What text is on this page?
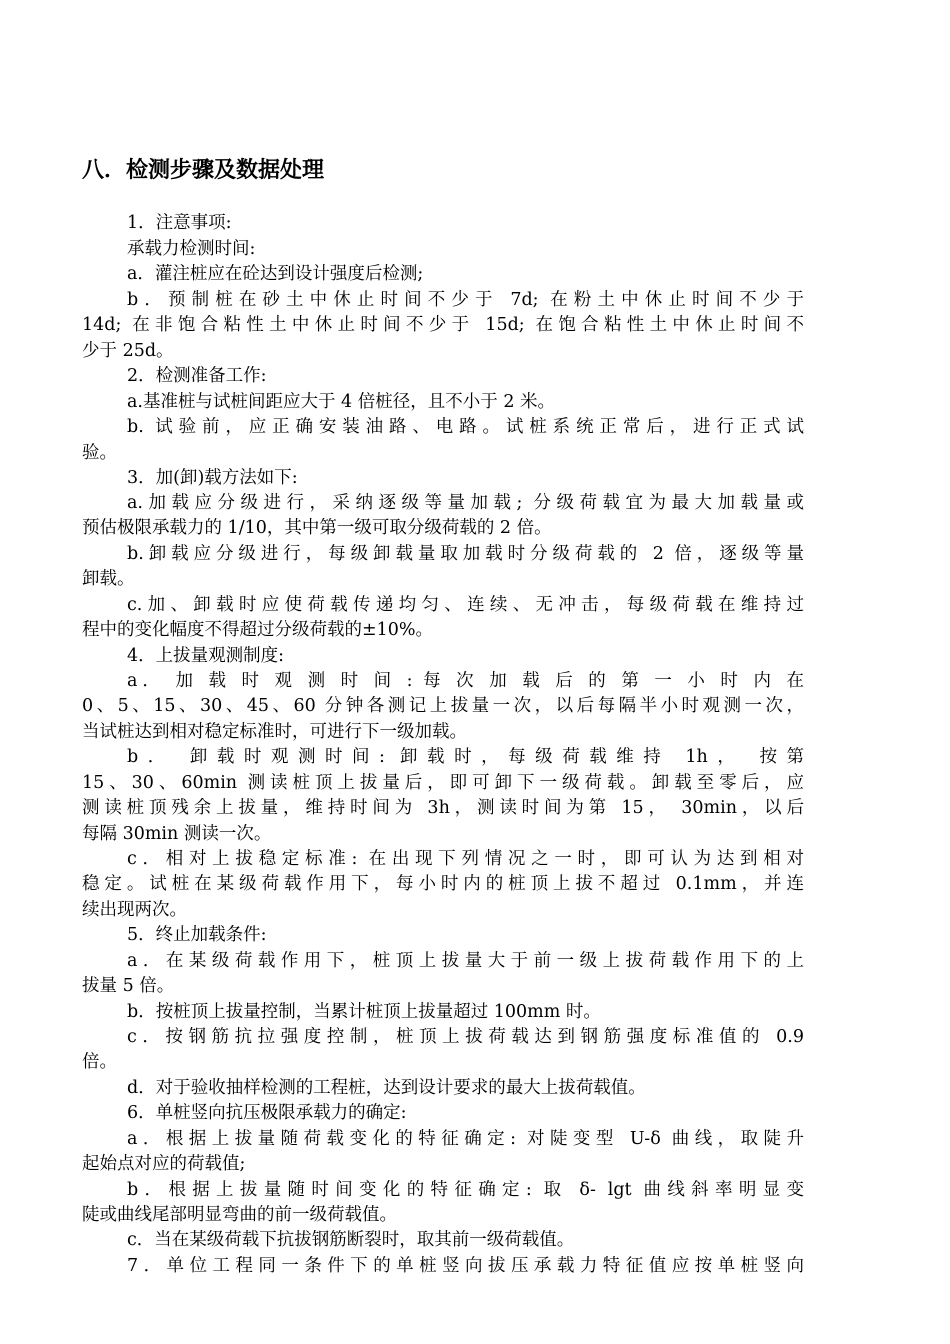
八．检测步骤及数据处理
1．注意事项:
承载力检测时间:
a．灌注桩应在砼达到设计强度后检测;
b．预制桩在砂土中休止时间不少于 7d; 在粉土中休止时间不少于
14d; 在非饱合粘性土中休止时间不少于 15d; 在饱合粘性土中休止时间不
少于 25d。
2．检测准备工作:
a.基准桩与试桩间距应大于 4 倍桩径，且不小于 2 米。
b. 试验前，应正确安装油路、电路。试桩系统正常后，进行正式试
验。
3．加(卸)载方法如下:
a.加载应分级进行，采纳逐级等量加载; 分级荷载宜为最大加载量或
预估极限承载力的 1/10，其中第一级可取分级荷载的 2 倍。
b.卸载应分级进行，每级卸载量取加载时分级荷载的 2 倍，逐级等量
卸载。
c.加、卸载时应使荷载传递均匀、连续、无冲击，每级荷载在维持过
程中的变化幅度不得超过分级荷载的±10%。
4．上拔量观测制度:
a． 加 载 时 观 测 时 间 : 每 次 加 载 后 的 第 一 小 时 内 在
0、5、15、30、45、60 分钟各测记上拔量一次，以后每隔半小时观测一次，
当试桩达到相对稳定标准时，可进行下一级加载。
b． 卸载时观测时间: 卸载时，每级荷载维持 1h， 按第
15、30、60min 测读桩顶上拔量后，即可卸下一级荷载。卸载至零后，应
测读桩顶残余上拔量，维持时间为 3h，测读时间为第 15， 30min，以后
每隔 30min 测读一次。
c．相对上拔稳定标准: 在出现下列情况之一时，即可认为达到相对
稳定。试桩在某级荷载作用下，每小时内的桩顶上拔不超过 0.1mm，并连
续出现两次。
5．终止加载条件:
a．在某级荷载作用下，桩顶上拔量大于前一级上拔荷载作用下的上
拔量 5 倍。
b．按桩顶上拔量控制，当累计桩顶上拔量超过 100mm 时。
c．按钢筋抗拉强度控制，桩顶上拔荷载达到钢筋强度标准值的 0.9
倍。
d．对于验收抽样检测的工程桩，达到设计要求的最大上拔荷载值。
6．单桩竖向抗压极限承载力的确定:
a．根据上拔量随荷载变化的特征确定: 对陡变型 U-δ 曲线，取陡升
起始点对应的荷载值;
b．根据上拔量随时间变化的特征确定: 取 δ- lgt 曲线斜率明显变
陡或曲线尾部明显弯曲的前一级荷载值。
c．当在某级荷载下抗拔钢筋断裂时，取其前一级荷载值。
7．单位工程同一条件下的单桩竖向拔压承载力特征值应按单桩竖向
